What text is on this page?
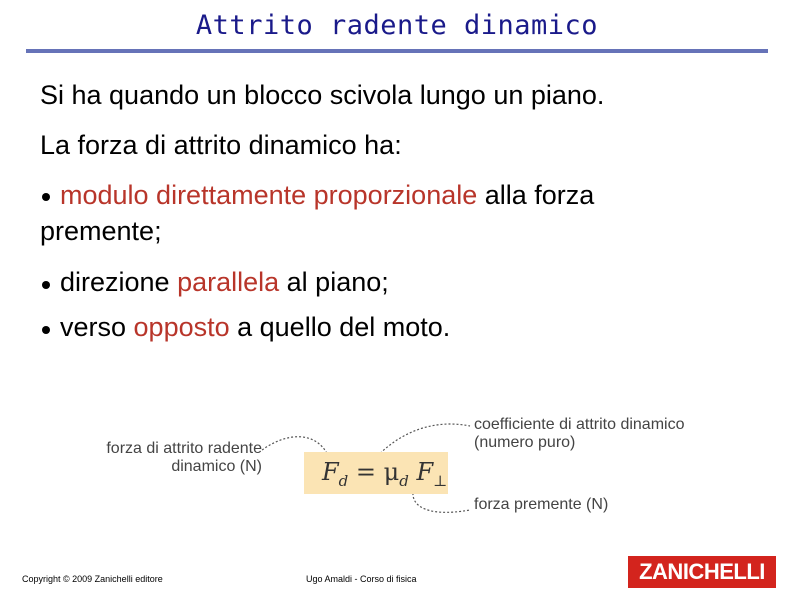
Attrito radente dinamico
Si ha quando un blocco scivola lungo un piano.
La forza di attrito dinamico ha:
modulo direttamente proporzionale alla forza
premente;
direzione parallela al piano;
verso opposto a quello del moto.
forza di attrito radente
dinamico (N)	$F_d = \mu_d$ $F_\perp$
coefficiente di attrito dinamico
(numero puro)
forza premente (N)
Copyright © 2009 Zanichelli editore	Ugo Amaldi - Corso di fisica	ZANICHELLI
